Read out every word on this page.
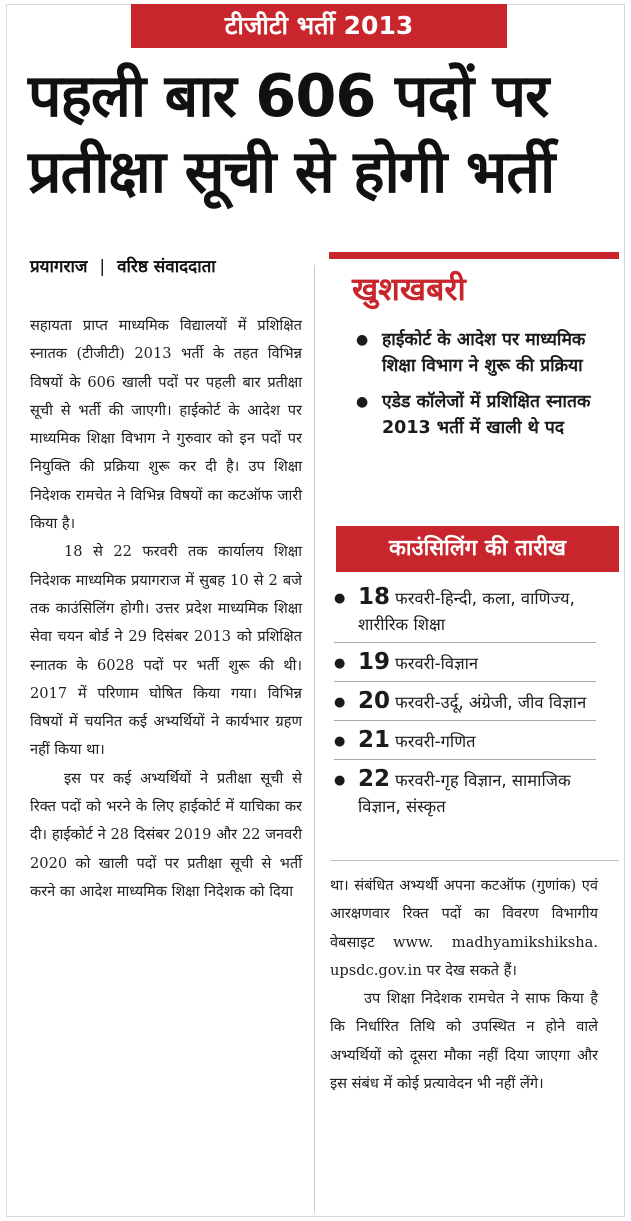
टीजीटी भर्ती 2013
पहली बार 606 पदों पर
प्रतीक्षा सूची से होगी भर्ती
प्रयागराज | वरिष्ठ संवाददाता

सहायता प्राप्त माध्यमिक विद्यालयों में प्रशिक्षित स्नातक (टीजीटी) 2013 भर्ती के तहत विभिन्न विषयों के 606 खाली पदों पर पहली बार प्रतीक्षा सूची से भर्ती की जाएगी। हाईकोर्ट के आदेश पर माध्यमिक शिक्षा विभाग ने गुरुवार को इन पदों पर नियुक्ति की प्रक्रिया शुरू कर दी है। उप शिक्षा निदेशक रामचेत ने विभिन्न विषयों का कटऑफ जारी किया है।

18 से 22 फरवरी तक कार्यालय शिक्षा निदेशक माध्यमिक प्रयागराज में सुबह 10 से 2 बजे तक काउंसिलिंग होगी। उत्तर प्रदेश माध्यमिक शिक्षा सेवा चयन बोर्ड ने 29 दिसंबर 2013 को प्रशिक्षित स्नातक के 6028 पदों पर भर्ती शुरू की थी। 2017 में परिणाम घोषित किया गया। विभिन्न विषयों में चयनित कई अभ्यर्थियों ने कार्यभार ग्रहण नहीं किया था।

इस पर कई अभ्यर्थियों ने प्रतीक्षा सूची से रिक्त पदों को भरने के लिए हाईकोर्ट में याचिका कर दी। हाईकोर्ट ने 28 दिसंबर 2019 और 22 जनवरी 2020 को खाली पदों पर प्रतीक्षा सूची से भर्ती करने का आदेश माध्यमिक शिक्षा निदेशक को दिया

खुशखबरी
● हाईकोर्ट के आदेश पर माध्यमिक शिक्षा विभाग ने शुरू की प्रक्रिया
● एडेड कॉलेजों में प्रशिक्षित स्नातक 2013 भर्ती में खाली थे पद
काउंसिलिंग की तारीख
● 18 फरवरी-हिन्दी, कला, वाणिज्य, शारीरिक शिक्षा
● 19 फरवरी-विज्ञान
● 20 फरवरी-उर्दू, अंग्रेजी, जीव विज्ञान
● 21 फरवरी-गणित
● 22 फरवरी-गृह विज्ञान, सामाजिक विज्ञान, संस्कृत

था। संबंधित अभ्यर्थी अपना कटऑफ (गुणांक) एवं आरक्षणवार रिक्त पदों का विवरण विभागीय वेबसाइट www. madhyamikshiksha. upsdc.gov.in पर देख सकते हैं।

उप शिक्षा निदेशक रामचेत ने साफ किया है कि निर्धारित तिथि को उपस्थित न होने वाले अभ्यर्थियों को दूसरा मौका नहीं दिया जाएगा और इस संबंध में कोई प्रत्यावेदन भी नहीं लेंगे।
